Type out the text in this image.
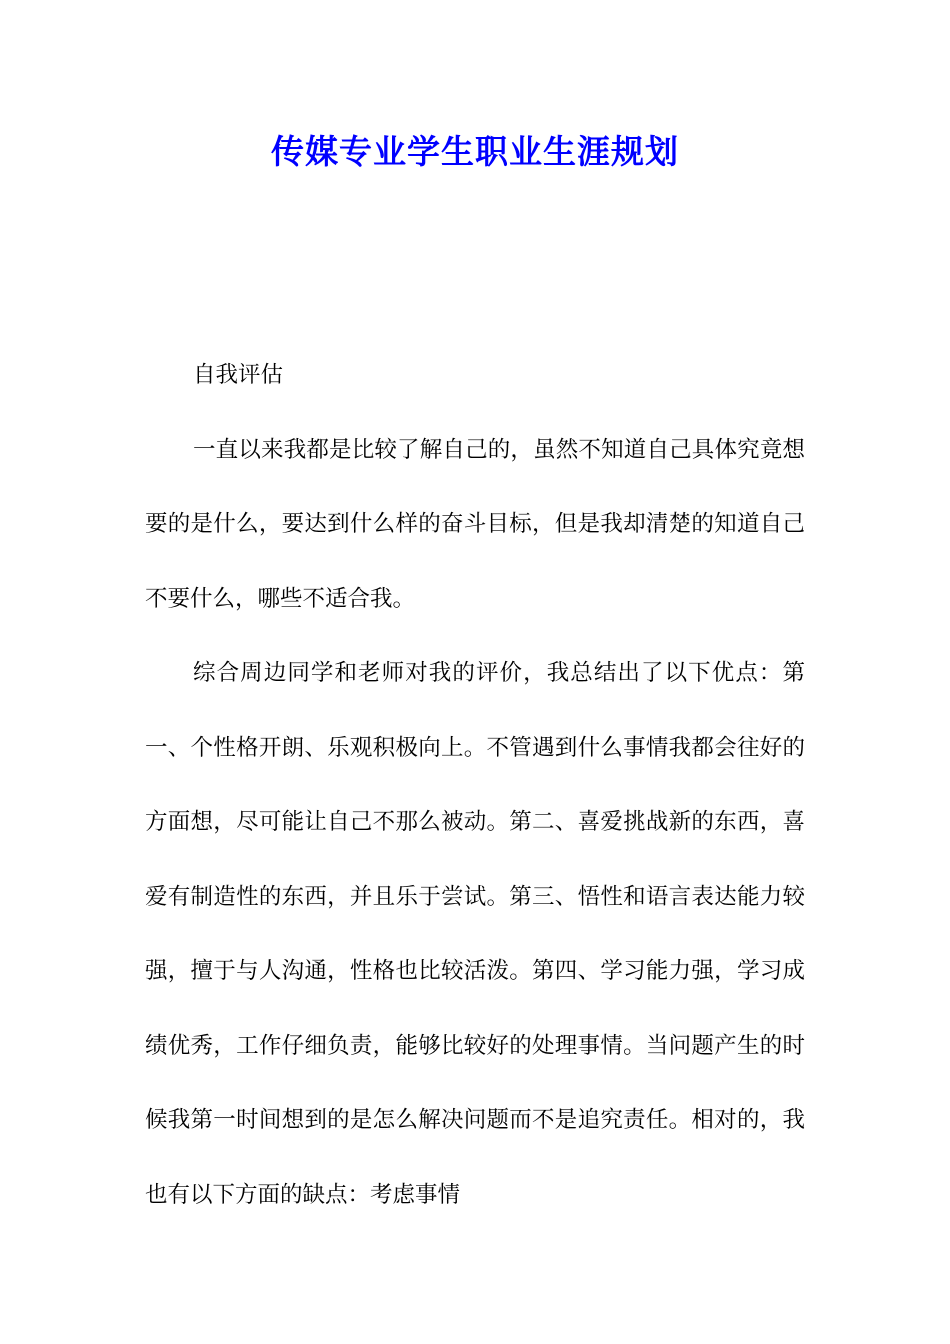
传媒专业学生职业生涯规划

自我评估

一直以来我都是比较了解自己的，虽然不知道自己具体究竟想要的是什么，要达到什么样的奋斗目标，但是我却清楚的知道自己不要什么，哪些不适合我。

综合周边同学和老师对我的评价，我总结出了以下优点：第一、个性格开朗、乐观积极向上。不管遇到什么事情我都会往好的方面想，尽可能让自己不那么被动。第二、喜爱挑战新的东西，喜爱有制造性的东西，并且乐于尝试。第三、悟性和语言表达能力较强，擅于与人沟通，性格也比较活泼。第四、学习能力强，学习成绩优秀，工作仔细负责，能够比较好的处理事情。当问题产生的时候我第一时间想到的是怎么解决问题而不是追究责任。相对的，我也有以下方面的缺点：考虑事情
